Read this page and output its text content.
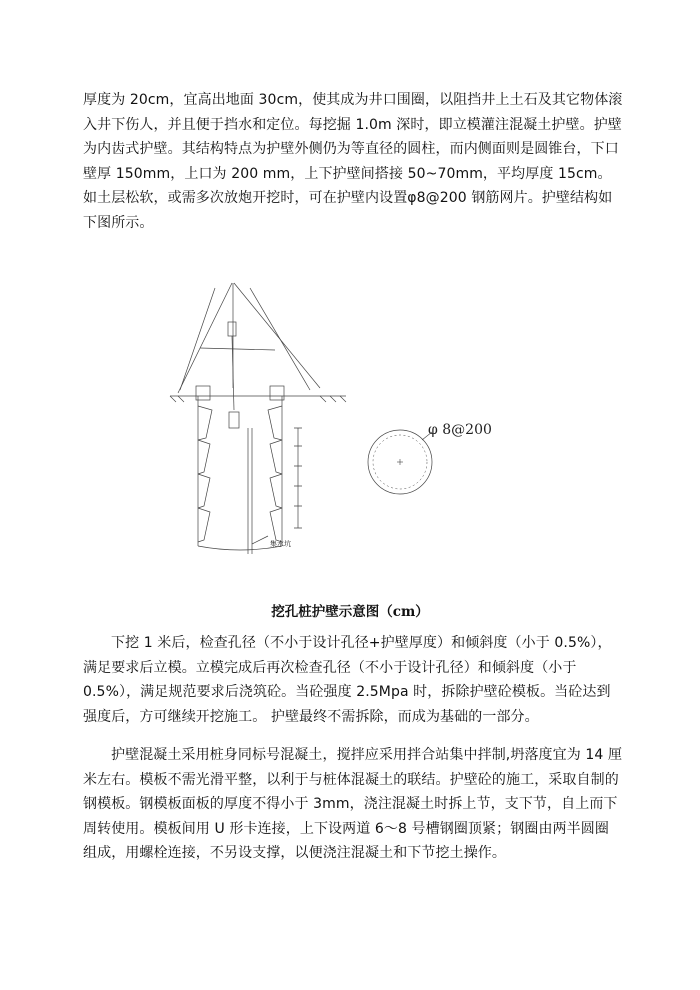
厚度为 20cm，宜高出地面 30cm，使其成为井口围圈，以阻挡井上土石及其它物体滚入井下伤人，并且便于挡水和定位。每挖掘 1.0m 深时，即立模灌注混凝土护壁。护壁为内齿式护壁。其结构特点为护壁外侧仍为等直径的圆柱，而内侧面则是圆锥台，下口壁厚 150mm，上口为 200 mm，上下护壁间搭接 50~70mm，平均厚度 15cm。如土层松软，或需多次放炮开挖时，可在护壁内设置φ8@200 钢筋网片。护壁结构如下图所示。

集水坑
φ 8@200
挖孔桩护壁示意图（cm）

下挖 1 米后，检查孔径（不小于设计孔径+护壁厚度）和倾斜度（小于 0.5%），满足要求后立模。立模完成后再次检查孔径（不小于设计孔径）和倾斜度（小于 0.5%），满足规范要求后浇筑砼。当砼强度 2.5Mpa 时，拆除护壁砼模板。当砼达到强度后，方可继续开挖施工。 护壁最终不需拆除，而成为基础的一部分。

护壁混凝土采用桩身同标号混凝土，搅拌应采用拌合站集中拌制,坍落度宜为 14 厘米左右。模板不需光滑平整，以利于与桩体混凝土的联结。护壁砼的施工，采取自制的钢模板。钢模板面板的厚度不得小于 3mm，浇注混凝土时拆上节，支下节，自上而下周转使用。模板间用 U 形卡连接，上下设两道 6～8 号槽钢圈顶紧；钢圈由两半圆圈组成，用螺栓连接，不另设支撑，以便浇注混凝土和下节挖土操作。
